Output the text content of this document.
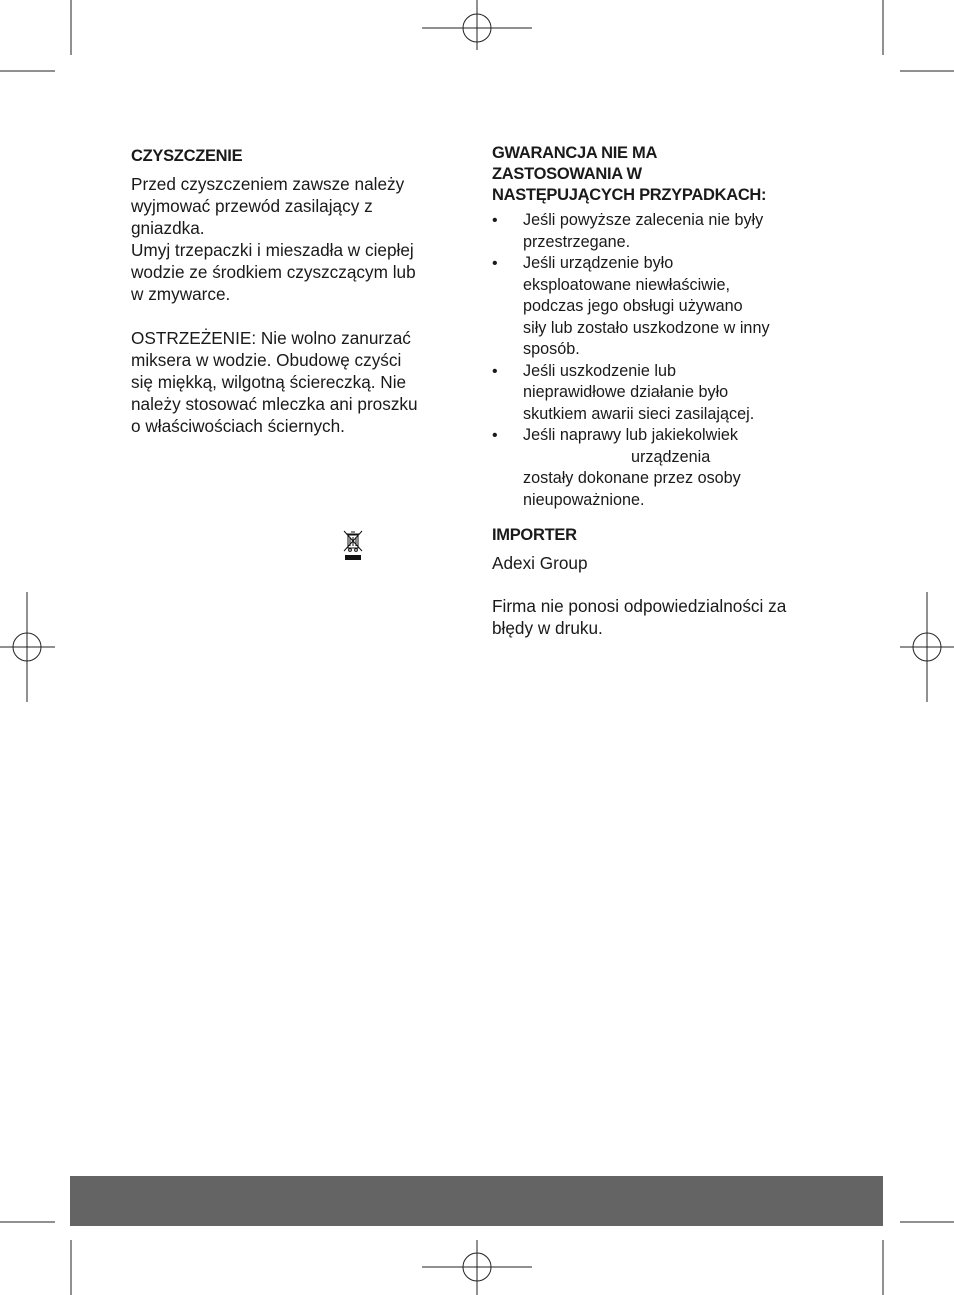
CZYSZCZENIE
Przed czyszczeniem zawsze należy
wyjmować przewód zasilający z
gniazdka.
Umyj trzepaczki i mieszadła w ciepłej
wodzie ze środkiem czyszczącym lub
w zmywarce.
OSTRZEŻENIE: Nie wolno zanurzać
miksera w wodzie. Obudowę czyści
się miękką, wilgotną ściereczką. Nie
należy stosować mleczka ani proszku
o właściwościach ściernych.
GWARANCJA NIE MA
ZASTOSOWANIA W
NASTĘPUJĄCYCH PRZYPADKACH:
• Jeśli powyższe zalecenia nie były
przestrzegane.
• Jeśli urządzenie było
eksploatowane niewłaściwie,
podczas jego obsługi używano
siły lub zostało uszkodzone w inny
sposób.
• Jeśli uszkodzenie lub
nieprawidłowe działanie było
skutkiem awarii sieci zasilającej.
• Jeśli naprawy lub jakiekolwiek
urządzenia
zostały dokonane przez osoby
nieupoważnione.
IMPORTER
Adexi Group
Firma nie ponosi odpowiedzialności za
błędy w druku.
